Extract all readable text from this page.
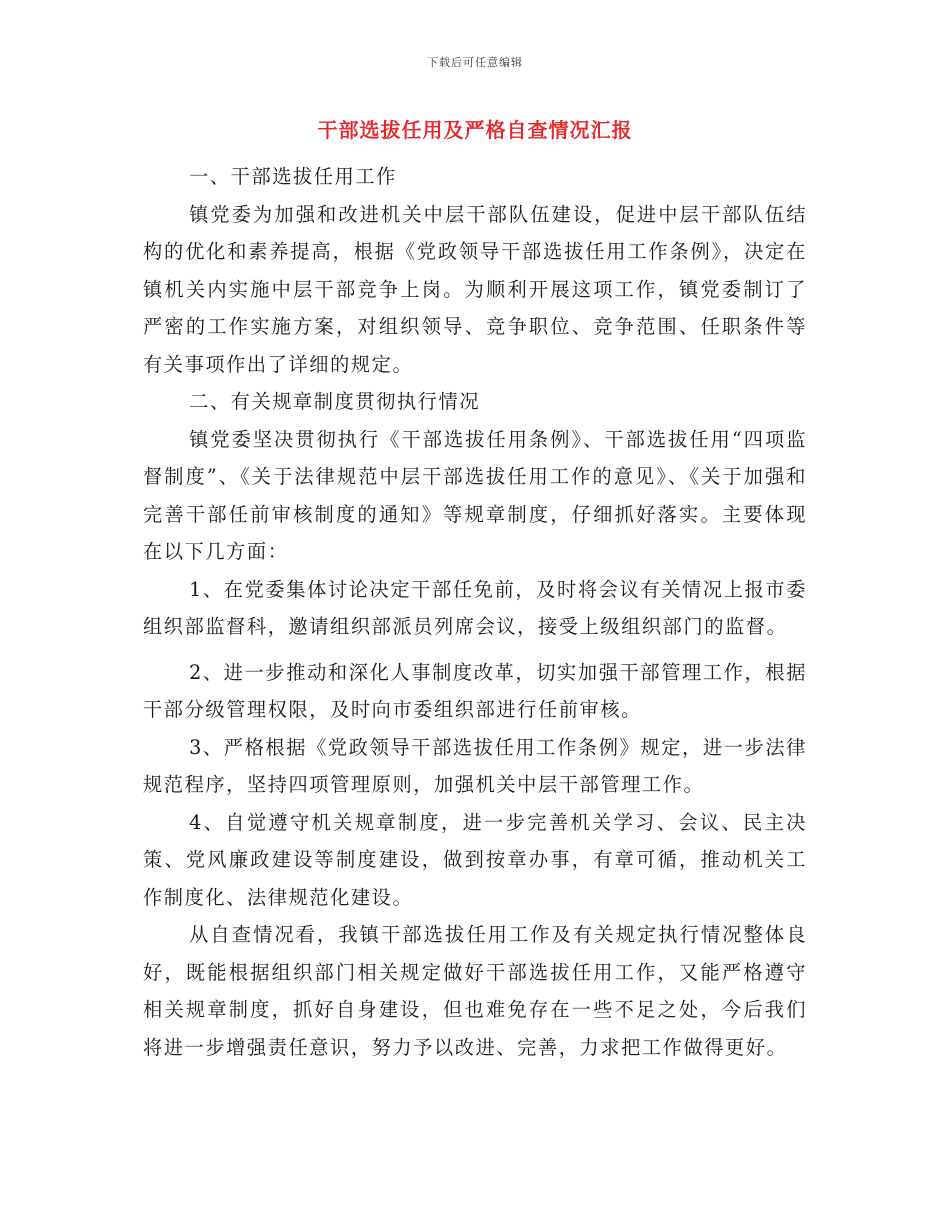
下载后可任意编辑
干部选拔任用及严格自查情况汇报

一、干部选拔任用工作

镇党委为加强和改进机关中层干部队伍建设，促进中层干部队伍结构的优化和素养提高，根据《党政领导干部选拔任用工作条例》，决定在镇机关内实施中层干部竞争上岗。为顺利开展这项工作，镇党委制订了严密的工作实施方案，对组织领导、竞争职位、竞争范围、任职条件等有关事项作出了详细的规定。

二、有关规章制度贯彻执行情况

镇党委坚决贯彻执行《干部选拔任用条例》、干部选拔任用“四项监督制度”、《关于法律规范中层干部选拔任用工作的意见》、《关于加强和完善干部任前审核制度的通知》等规章制度，仔细抓好落实。主要体现在以下几方面：

1、在党委集体讨论决定干部任免前，及时将会议有关情况上报市委组织部监督科，邀请组织部派员列席会议，接受上级组织部门的监督。

2、进一步推动和深化人事制度改革，切实加强干部管理工作，根据干部分级管理权限，及时向市委组织部进行任前审核。

3、严格根据《党政领导干部选拔任用工作条例》规定，进一步法律规范程序，坚持四项管理原则，加强机关中层干部管理工作。

4、自觉遵守机关规章制度，进一步完善机关学习、会议、民主决策、党风廉政建设等制度建设，做到按章办事，有章可循，推动机关工作制度化、法律规范化建设。

从自查情况看，我镇干部选拔任用工作及有关规定执行情况整体良好，既能根据组织部门相关规定做好干部选拔任用工作，又能严格遵守相关规章制度，抓好自身建设，但也难免存在一些不足之处，今后我们将进一步增强责任意识，努力予以改进、完善，力求把工作做得更好。
